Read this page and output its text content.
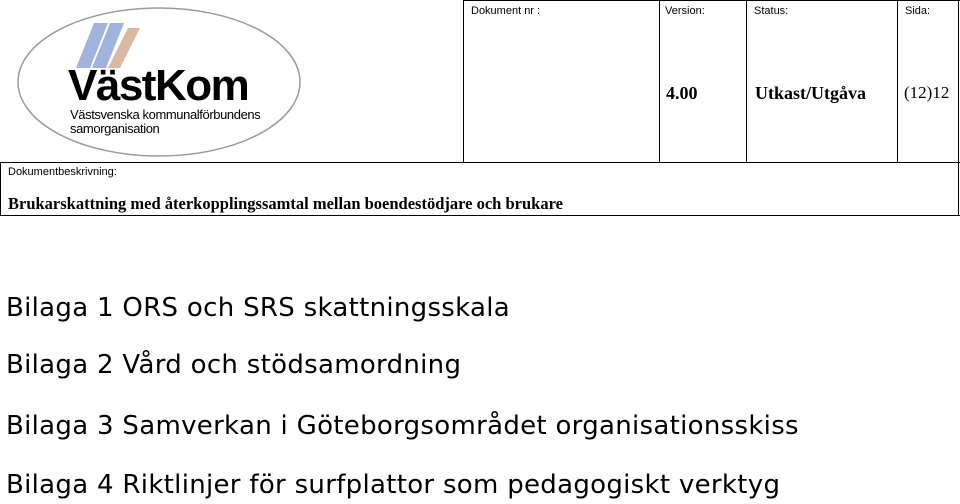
VästKom
Västsvenska kommunalförbundens
samorganisation
Dokument nr :	Version:
4.00
Status:
Utkast/Utgåva
Sida:
(12)12
Dokumentbeskrivning:
Brukarskattning med återkopplingssamtal mellan boendestödjare och brukare
Bilaga 1 ORS och SRS skattningsskala
Bilaga 2 Vård och stödsamordning
Bilaga 3 Samverkan i Göteborgsområdet organisationsskiss
Bilaga 4 Riktlinjer för surfplattor som pedagogiskt verktyg
